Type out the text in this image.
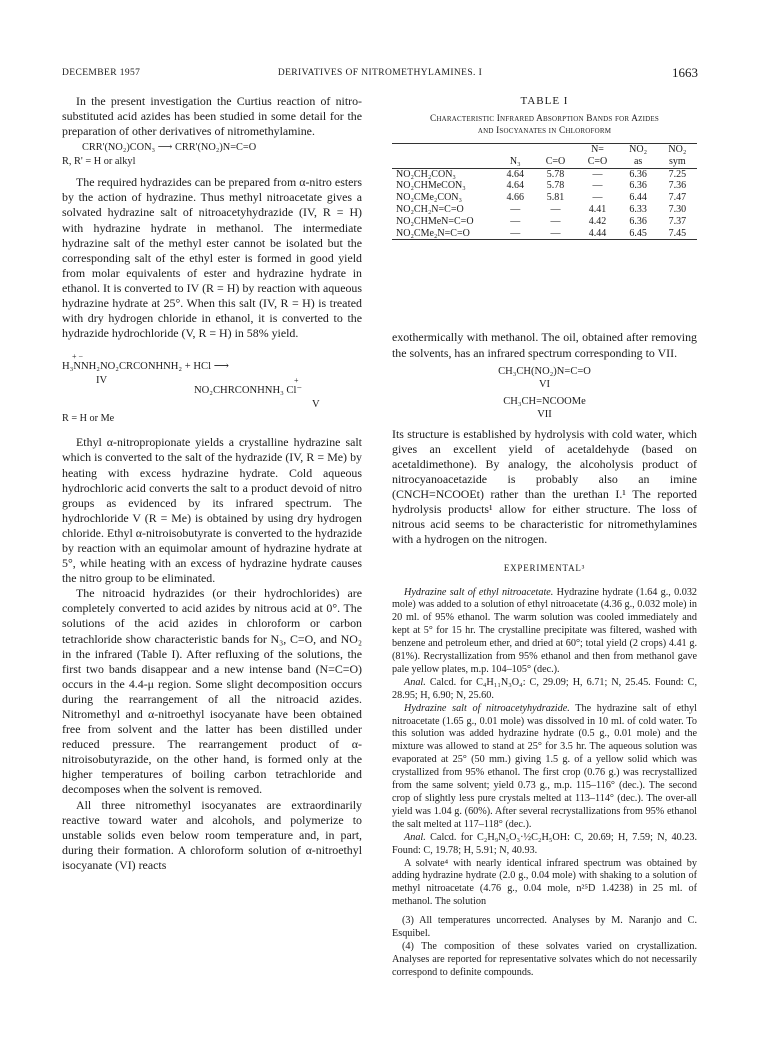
DECEMBER 1957	DERIVATIVES OF NITROMETHYLAMINES. I	1663

In the present investigation the Curtius reaction of nitro-substituted acid azides has been studied in some detail for the preparation of other derivatives of nitromethylamine.

CRR'(NO₂)CON₃ ⟶ CRR'(NO₂)N=C=O
R, R' = H or alkyl

The required hydrazides can be prepared from α-nitro esters by the action of hydrazine. Thus methyl nitroacetate gives a solvated hydrazine salt of nitroacetyhydrazide (IV, R = H) with hydrazine hydrate in methanol. The intermediate hydrazine salt of the methyl ester cannot be isolated but the corresponding salt of the ethyl ester is formed in good yield from molar equivalents of ester and hydrazine hydrate in ethanol. It is converted to IV (R = H) by reaction with aqueous hydrazine hydrate at 25°. When this salt (IV, R = H) is treated with dry hydrogen chloride in ethanol, it is converted to the hydrazide hydrochloride (V, R = H) in 58% yield.

+ −
H₃NNH₂NO₂CRCONHNH₂ + HCl ⟶
IV	+
NO₂CHRCONHNH₃ Cl⁻
V
R = H or Me

Ethyl α-nitropropionate yields a crystalline hydrazine salt which is converted to the salt of the hydrazide (IV, R = Me) by heating with excess hydrazine hydrate. Cold aqueous hydrochloric acid converts the salt to a product devoid of nitro groups as evidenced by its infrared spectrum. The hydrochloride V (R = Me) is obtained by using dry hydrogen chloride. Ethyl α-nitroisobutyrate is converted to the hydrazide by reaction with an equimolar amount of hydrazine hydrate at 5°, while heating with an excess of hydrazine hydrate causes the nitro group to be eliminated.

The nitroacid hydrazides (or their hydrochlorides) are completely converted to acid azides by nitrous acid at 0°. The solutions of the acid azides in chloroform or carbon tetrachloride show characteristic bands for N₃, C=O, and NO₂ in the infrared (Table I). After refluxing of the solutions, the first two bands disappear and a new intense band (N=C=O) occurs in the 4.4-μ region. Some slight decomposition occurs during the rearrangement of all the nitroacid azides. Nitromethyl and α-nitroethyl isocyanate have been obtained free from solvent and the latter has been distilled under reduced pressure. The rearrangement product of α-nitroisobutyrazide, on the other hand, is formed only at the higher temperatures of boiling carbon tetrachloride and decomposes when the solvent is removed.

All three nitromethyl isocyanates are extraordinarily reactive toward water and alcohols, and polymerize to unstable solids even below room temperature and, in part, during their formation. A chloroform solution of α-nitroethyl isocyanate (VI) reacts

TABLE I
Characteristic Infrared Absorption Bands for Azides
and Isocyanates in Chloroform
			N=	NO₂	NO₂
	N₃	C=O	C=O	as	sym
NO₂CH₂CON₃	4.64	5.78	—	6.36	7.25
NO₂CHMeCON₃	4.64	5.78	—	6.36	7.36
NO₂CMe₂CON₃	4.66	5.81	—	6.44	7.47
NO₂CH₂N=C=O	—	—	4.41	6.33	7.30
NO₂CHMeN=C=O	—	—	4.42	6.36	7.37
NO₂CMe₂N=C=O	—	—	4.44	6.45	7.45

exothermically with methanol. The oil, obtained after removing the solvents, has an infrared spectrum corresponding to VII.

CH₃CH(NO₂)N=C=O
VI
CH₃CH=NCOOMe
VII

Its structure is established by hydrolysis with cold water, which gives an excellent yield of acetaldehyde (based on acetaldimethone). By analogy, the alcoholysis product of nitrocyanoacetazide is probably also an imine (CNCH=NCOOEt) rather than the urethan I.¹ The reported hydrolysis products¹ allow for either structure. The loss of nitrous acid seems to be characteristic for nitromethylamines with a hydrogen on the nitrogen.

EXPERIMENTAL³

Hydrazine salt of ethyl nitroacetate. Hydrazine hydrate (1.64 g., 0.032 mole) was added to a solution of ethyl nitroacetate (4.36 g., 0.032 mole) in 20 ml. of 95% ethanol. The warm solution was cooled immediately and kept at 5° for 15 hr. The crystalline precipitate was filtered, washed with benzene and petroleum ether, and dried at 60°; total yield (2 crops) 4.41 g. (81%). Recrystallization from 95% ethanol and then from methanol gave pale yellow plates, m.p. 104–105° (dec.).

Anal. Calcd. for C₄H₁₁N₃O₄: C, 29.09; H, 6.71; N, 25.45. Found: C, 28.95; H, 6.90; N, 25.60.

Hydrazine salt of nitroacetyhydrazide. The hydrazine salt of ethyl nitroacetate (1.65 g., 0.01 mole) was dissolved in 10 ml. of cold water. To this solution was added hydrazine hydrate (0.5 g., 0.01 mole) and the mixture was allowed to stand at 25° for 3.5 hr. The aqueous solution was evaporated at 25° (50 mm.) giving 1.5 g. of a yellow solid which was crystallized from 95% ethanol. The first crop (0.76 g.) was recrystallized from the same solvent; yield 0.73 g., m.p. 115–116° (dec.). The second crop of slightly less pure crystals melted at 113–114° (dec.). The over-all yield was 1.04 g. (60%). After several recrystallizations from 95% ethanol the salt melted at 117–118° (dec.).

Anal. Calcd. for C₂H₉N₅O₃·½C₂H₅OH: C, 20.69; H, 7.59; N, 40.23. Found: C, 19.78; H, 5.91; N, 40.93.

A solvate⁴ with nearly identical infrared spectrum was obtained by adding hydrazine hydrate (2.0 g., 0.04 mole) with shaking to a solution of methyl nitroacetate (4.76 g., 0.04 mole, n²⁵D 1.4238) in 25 ml. of methanol. The solution

(3) All temperatures uncorrected. Analyses by M. Naranjo and C. Esquibel.

(4) The composition of these solvates varied on crystallization. Analyses are reported for representative solvates which do not necessarily correspond to definite compounds.
